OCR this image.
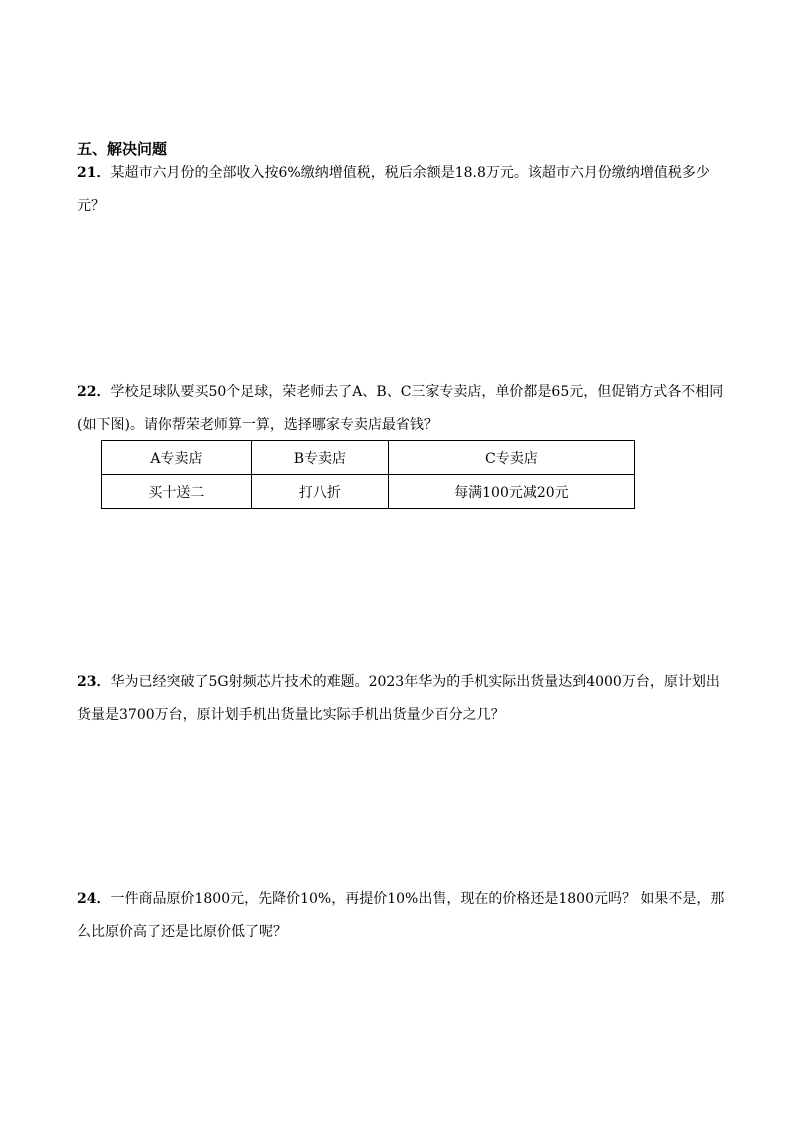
五、解决问题
21．某超市六月份的全部收入按6%缴纳增值税，税后余额是18.8万元。该超市六月份缴纳增值税多少元？
22．学校足球队要买50个足球，荣老师去了A、B、C三家专卖店，单价都是65元，但促销方式各不相同(如下图)。请你帮荣老师算一算，选择哪家专卖店最省钱？
A专卖店	B专卖店	C专卖店
买十送二	打八折	每满100元减20元
23．华为已经突破了5G射频芯片技术的难题。2023年华为的手机实际出货量达到4000万台，原计划出货量是3700万台，原计划手机出货量比实际手机出货量少百分之几？
24．一件商品原价1800元，先降价10%，再提价10%出售，现在的价格还是1800元吗？ 如果不是，那么比原价高了还是比原价低了呢？
